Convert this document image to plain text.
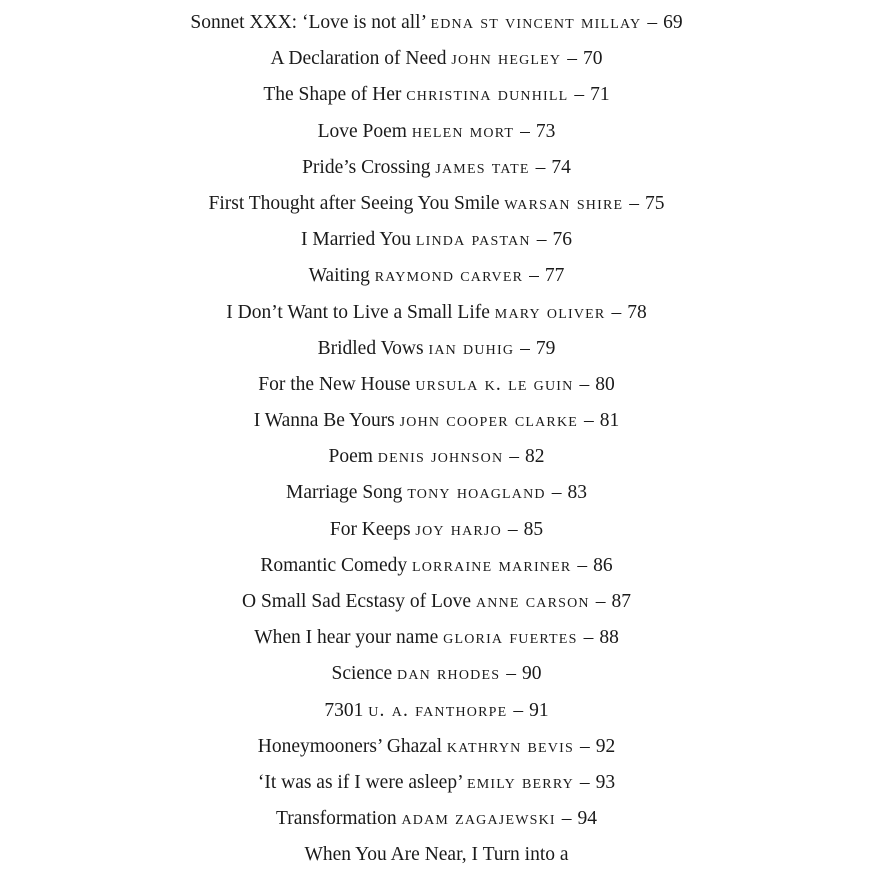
Sonnet XXX: ‘Love is not all’ edna st vincent millay – 69
A Declaration of Need john hegley – 70
The Shape of Her christina dunhill – 71
Love Poem helen mort – 73
Pride’s Crossing james tate – 74
First Thought after Seeing You Smile warsan shire – 75
I Married You linda pastan – 76
Waiting raymond carver – 77
I Don’t Want to Live a Small Life mary oliver – 78
Bridled Vows ian duhig – 79
For the New House ursula k. le guin – 80
I Wanna Be Yours john cooper clarke – 81
Poem denis johnson – 82
Marriage Song tony hoagland – 83
For Keeps joy harjo – 85
Romantic Comedy lorraine mariner – 86
O Small Sad Ecstasy of Love anne carson – 87
When I hear your name gloria fuertes – 88
Science dan rhodes – 90
7301 u. a. fanthorpe – 91
Honeymooners’ Ghazal kathryn bevis – 92
‘It was as if I were asleep’ emily berry – 93
Transformation adam zagajewski – 94
When You Are Near, I Turn into a
